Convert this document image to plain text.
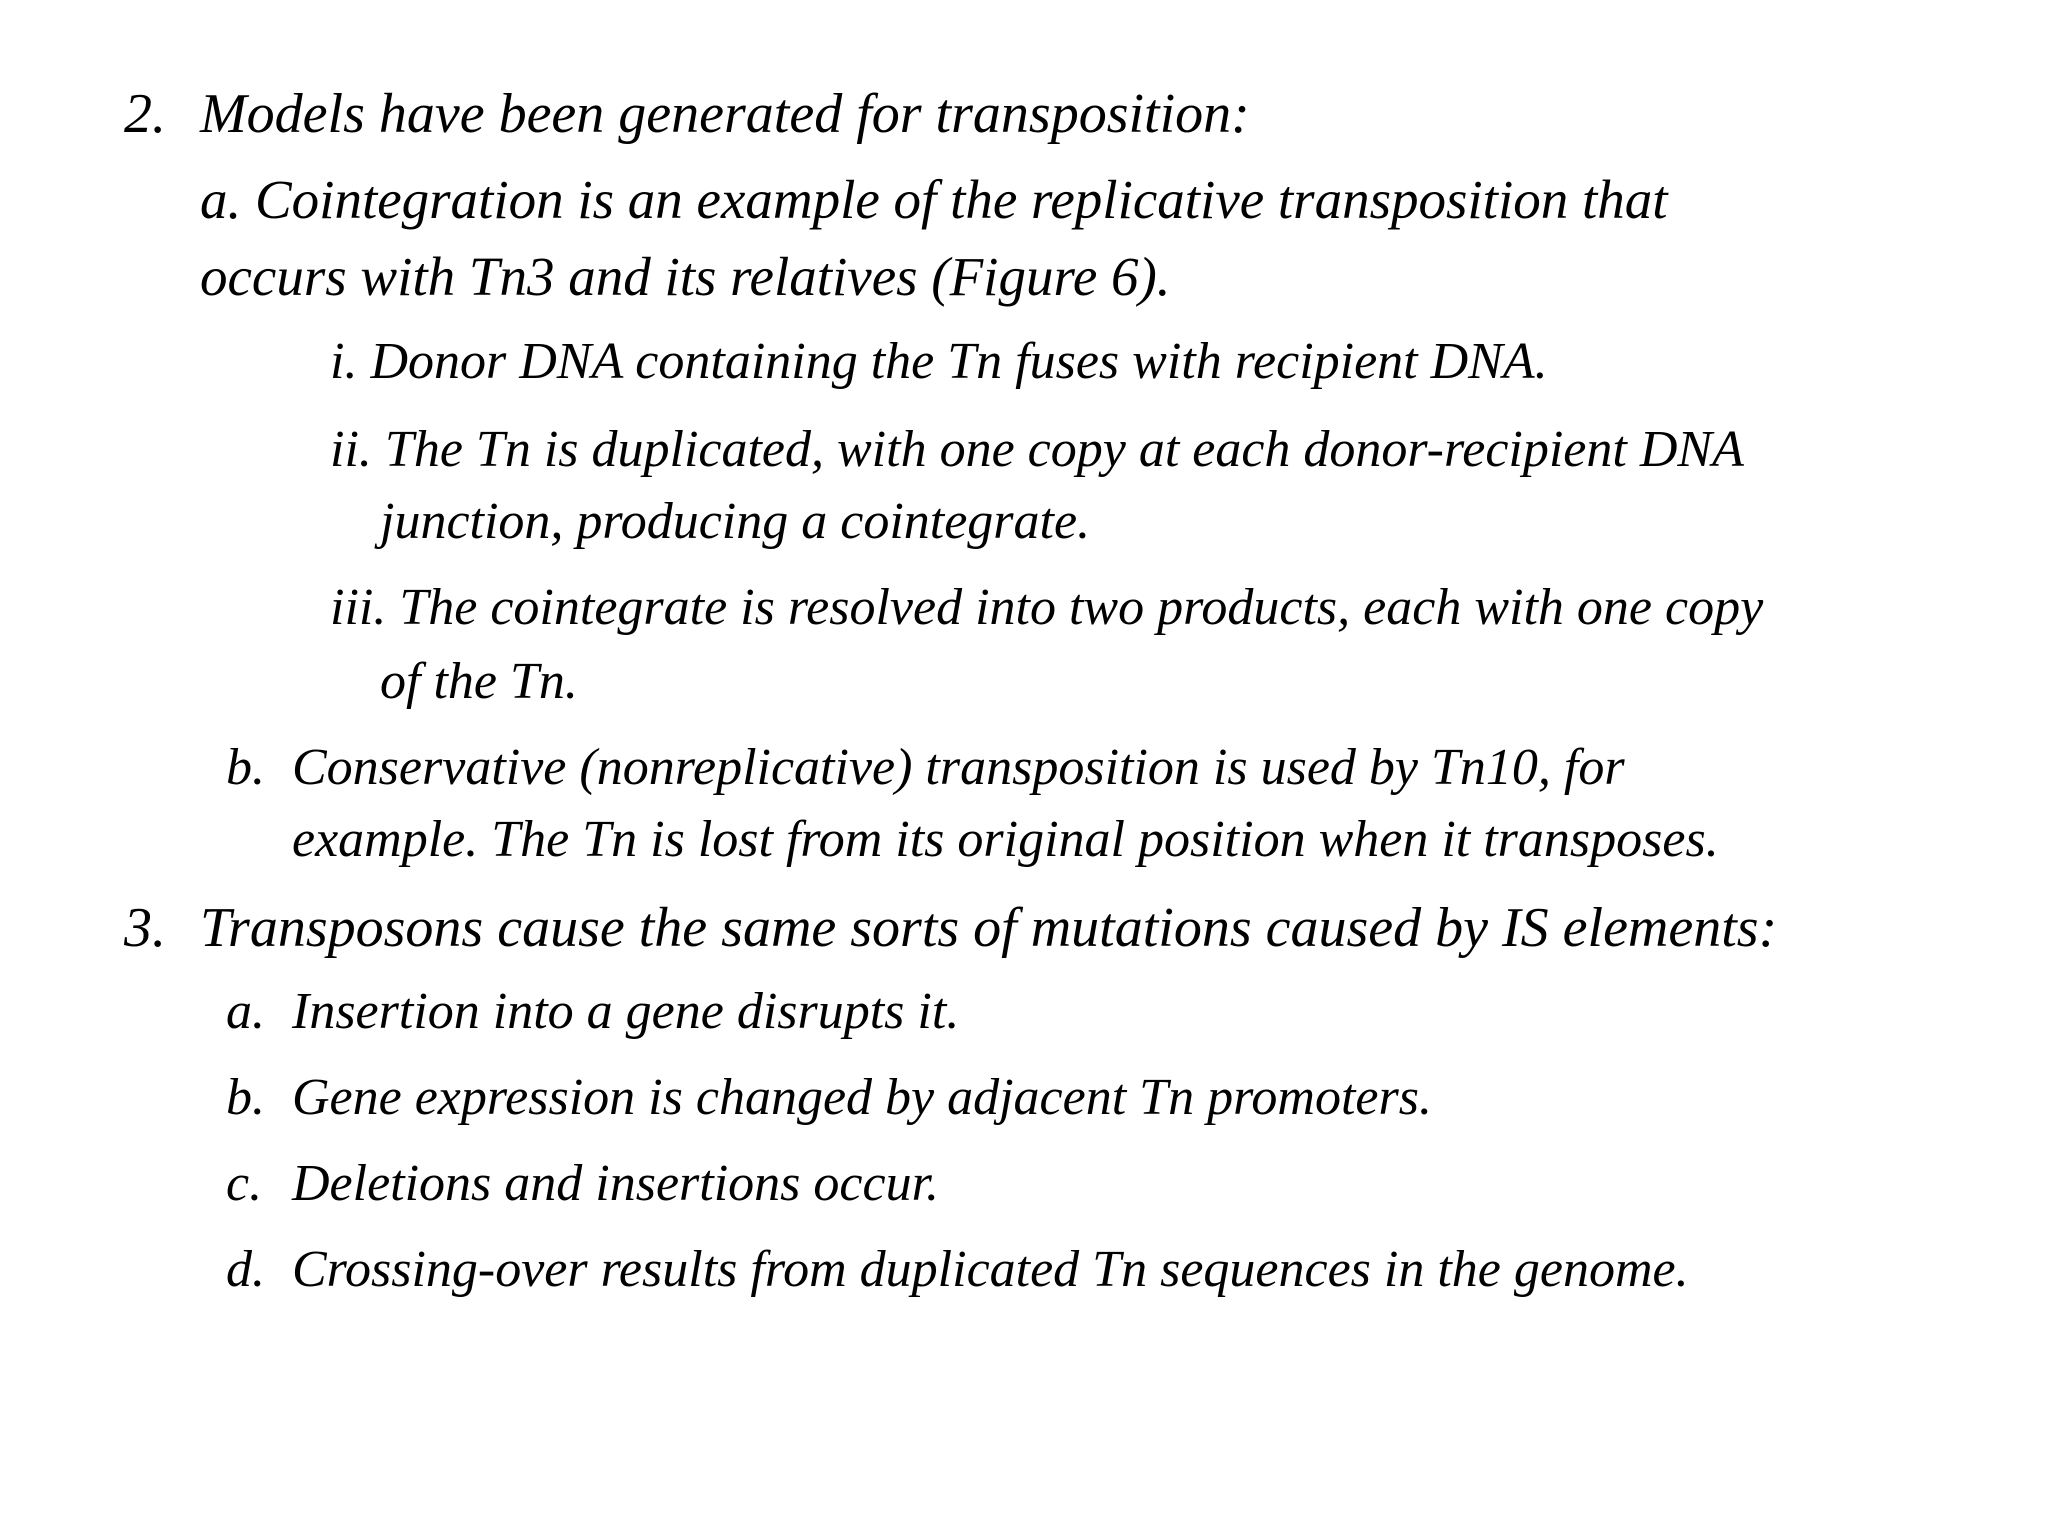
2. Models have been generated for transposition:
a. Cointegration is an example of the replicative transposition that
occurs with Tn3 and its relatives (Figure 6).
i. Donor DNA containing the Tn fuses with recipient DNA.
ii. The Tn is duplicated, with one copy at each donor-recipient DNA
junction, producing a cointegrate.
iii. The cointegrate is resolved into two products, each with one copy
of the Tn.
b. Conservative (nonreplicative) transposition is used by Tn10, for
example. The Tn is lost from its original position when it transposes.
3. Transposons cause the same sorts of mutations caused by IS elements:
a. Insertion into a gene disrupts it.
b. Gene expression is changed by adjacent Tn promoters.
c. Deletions and insertions occur.
d. Crossing-over results from duplicated Tn sequences in the genome.
